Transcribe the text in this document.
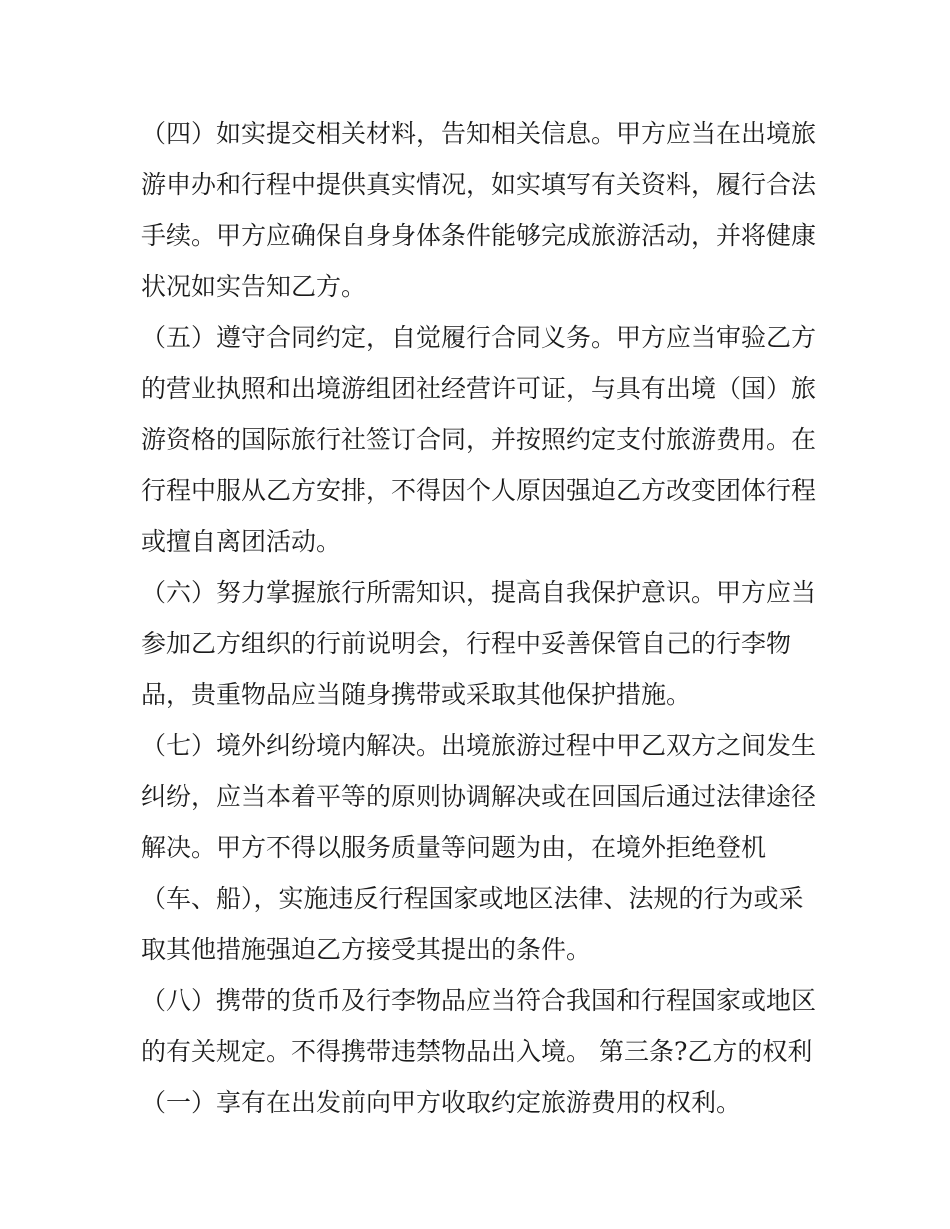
（四）如实提交相关材料，告知相关信息。甲方应当在出境旅
游申办和行程中提供真实情况，如实填写有关资料，履行合法
手续。甲方应确保自身身体条件能够完成旅游活动，并将健康
状况如实告知乙方。
（五）遵守合同约定，自觉履行合同义务。甲方应当审验乙方
的营业执照和出境游组团社经营许可证，与具有出境（国）旅
游资格的国际旅行社签订合同，并按照约定支付旅游费用。在
行程中服从乙方安排，不得因个人原因强迫乙方改变团体行程
或擅自离团活动。
（六）努力掌握旅行所需知识，提高自我保护意识。甲方应当
参加乙方组织的行前说明会，行程中妥善保管自己的行李物
品，贵重物品应当随身携带或采取其他保护措施。
（七）境外纠纷境内解决。出境旅游过程中甲乙双方之间发生
纠纷，应当本着平等的原则协调解决或在回国后通过法律途径
解决。甲方不得以服务质量等问题为由，在境外拒绝登机
（车、船），实施违反行程国家或地区法律、法规的行为或采
取其他措施强迫乙方接受其提出的条件。
（八）携带的货币及行李物品应当符合我国和行程国家或地区
的有关规定。不得携带违禁物品出入境。 第三条?乙方的权利
（一）享有在出发前向甲方收取约定旅游费用的权利。
